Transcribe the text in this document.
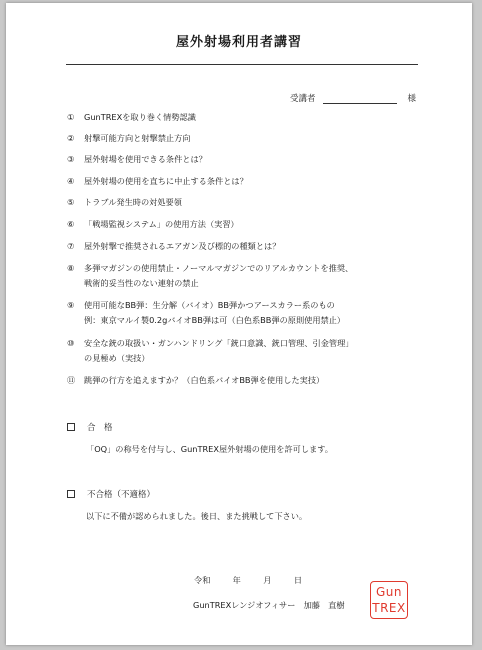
屋外射場利用者講習
受講者	様
①	GunTREXを取り巻く情勢認識
②	射撃可能方向と射撃禁止方向
③	屋外射場を使用できる条件とは？
④	屋外射場の使用を直ちに中止する条件とは？
⑤	トラブル発生時の対処要領
⑥	「戦場監視システム」の使用方法（実習）
⑦	屋外射撃で推奨されるエアガン及び標的の種類とは？
⑧	多弾マガジンの使用禁止・ノーマルマガジンでのリアルカウントを推奨、
戦術的妥当性のない連射の禁止
⑨	使用可能なBB弾：生分解（バイオ）BB弾かつアースカラー系のもの
例：東京マルイ製0.2gバイオBB弾は可（白色系BB弾の原則使用禁止）
⑩	安全な銃の取扱い・ガンハンドリング「銃口意識、銃口管理、引金管理」
の見極め（実技）
⑪	跳弾の行方を追えますか？（白色系バイオBB弾を使用した実技）
合　格
「OQ」の称号を付与し、GunTREX屋外射場の使用を許可します。
不合格（不適格）
以下に不備が認められました。後日、また挑戦して下さい。
令和	年	月	日
GunTREXレンジオフィサー　加藤　直樹
Gun
TREX
